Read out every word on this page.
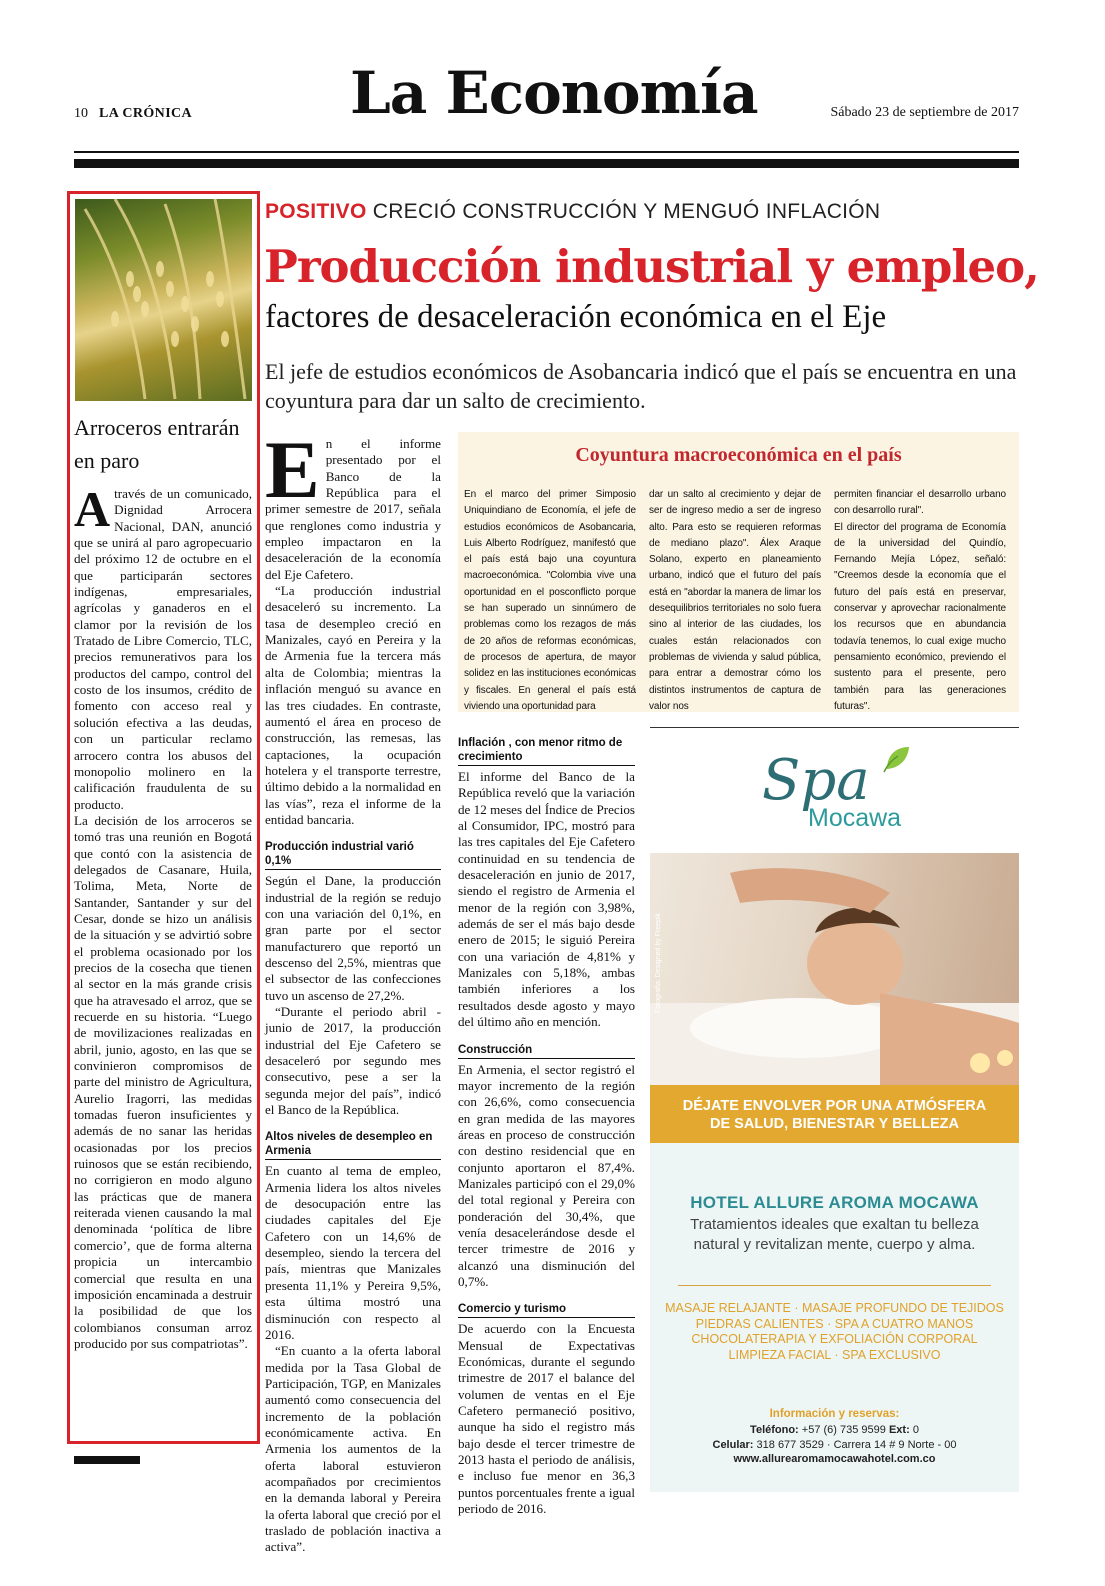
10 LA CRÓNICA	La Economía	Sábado 23 de septiembre de 2017
Arroceros entrarán en paro
A través de un comunicado, Dignidad Arrocera Nacional, DAN, anunció que se unirá al paro agropecuario del próximo 12 de octubre en el que participarán sectores indígenas, empresariales, agrícolas y ganaderos en el clamor por la revisión de los Tratado de Libre Comercio, TLC, precios remunerativos para los productos del campo, control del costo de los insumos, crédito de fomento con acceso real y solución efectiva a las deudas, con un particular reclamo arrocero contra los abusos del monopolio molinero en la calificación fraudulenta de su producto.
La decisión de los arroceros se tomó tras una reunión en Bogotá que contó con la asistencia de delegados de Casanare, Huila, Tolima, Meta, Norte de Santander, Santander y sur del Cesar, donde se hizo un análisis de la situación y se advirtió sobre el problema ocasionado por los precios de la cosecha que tienen al sector en la más grande crisis que ha atravesado el arroz, que se recuerde en su historia. “Luego de movilizaciones realizadas en abril, junio, agosto, en las que se convinieron compromisos de parte del ministro de Agricultura, Aurelio Iragorri, las medidas tomadas fueron insuficientes y además de no sanar las heridas ocasionadas por los precios ruinosos que se están recibiendo, no corrigieron en modo alguno las prácticas que de manera reiterada vienen causando la mal denominada ‘política de libre comercio’, que de forma alterna propicia un intercambio comercial que resulta en una imposición encaminada a destruir la posibilidad de que los colombianos consuman arroz producido por sus compatriotas”.
POSITIVO CRECIÓ CONSTRUCCIÓN Y MENGUÓ INFLACIÓN
Producción industrial y empleo,
factores de desaceleración económica en el Eje
El jefe de estudios económicos de Asobancaria indicó que el país se encuentra en una coyuntura para dar un salto de crecimiento.

En el informe presentado por el Banco de la República para el primer semestre de 2017, señala que renglones como industria y empleo impactaron en la desaceleración de la economía del Eje Cafetero.

“La producción industrial desaceleró su incremento. La tasa de desempleo creció en Manizales, cayó en Pereira y la de Armenia fue la tercera más alta de Colombia; mientras la inflación menguó su avance en las tres ciudades. En contraste, aumentó el área en proceso de construcción, las remesas, las captaciones, la ocupación hotelera y el transporte terrestre, último debido a la normalidad en las vías”, reza el informe de la entidad bancaria.

Producción industrial varió 0,1%

Según el Dane, la producción industrial de la región se redujo con una variación del 0,1%, en gran parte por el sector manufacturero que reportó un descenso del 2,5%, mientras que el subsector de las confecciones tuvo un ascenso de 27,2%.

“Durante el periodo abril - junio de 2017, la producción industrial del Eje Cafetero se desaceleró por segundo mes consecutivo, pese a ser la segunda mejor del país”, indicó el Banco de la República.

Altos niveles de desempleo en Armenia

En cuanto al tema de empleo, Armenia lidera los altos niveles de desocupación entre las ciudades capitales del Eje Cafetero con un 14,6% de desempleo, siendo la tercera del país, mientras que Manizales presenta 11,1% y Pereira 9,5%, esta última mostró una disminución con respecto al 2016.

“En cuanto a la oferta laboral medida por la Tasa Global de Participación, TGP, en Manizales aumentó como consecuencia del incremento de la población económicamente activa. En Armenia los aumentos de la oferta laboral estuvieron acompañados por crecimientos en la demanda laboral y Pereira la oferta laboral que creció por el traslado de población inactiva a activa”.

Coyuntura macroeconómica en el país
En el marco del primer Simposio Uniquindiano de Economía, el jefe de estudios económicos de Asobancaria, Luis Alberto Rodríguez, manifestó que el país está bajo una coyuntura macroeconómica. "Colombia vive una oportunidad en el posconflicto porque se han superado un sinnúmero de problemas como los rezagos de más de 20 años de reformas económicas, de procesos de apertura, de mayor solidez en las instituciones económicas y fiscales. En general el país está viviendo una oportunidad para
dar un salto al crecimiento y dejar de ser de ingreso medio a ser de ingreso alto. Para esto se requieren reformas de mediano plazo". Álex Araque Solano, experto en planeamiento urbano, indicó que el futuro del país está en "abordar la manera de limar los desequilibrios territoriales no solo fuera sino al interior de las ciudades, los cuales están relacionados con problemas de vivienda y salud pública, para entrar a demostrar cómo los distintos instrumentos de captura de valor nos
permiten financiar el desarrollo urbano con desarrollo rural".
El director del programa de Economía de la universidad del Quindío, Fernando Mejía López, señaló: "Creemos desde la economía que el futuro del país está en preservar, conservar y aprovechar racionalmente los recursos que en abundancia todavía tenemos, lo cual exige mucho pensamiento económico, previendo el sustento para el presente, pero también para las generaciones futuras".
Inflación , con menor ritmo de crecimiento

El informe del Banco de la República reveló que la variación de 12 meses del Índice de Precios al Consumidor, IPC, mostró para las tres capitales del Eje Cafetero continuidad en su tendencia de desaceleración en junio de 2017, siendo el registro de Armenia el menor de la región con 3,98%, además de ser el más bajo desde enero de 2015; le siguió Pereira con una variación de 4,81% y Manizales con 5,18%, ambas también inferiores a los resultados desde agosto y mayo del último año en mención.

Construcción

En Armenia, el sector registró el mayor incremento de la región con 26,6%, como consecuencia en gran medida de las mayores áreas en proceso de construcción con destino residencial que en conjunto aportaron el 87,4%. Manizales participó con el 29,0% del total regional y Pereira con ponderación del 30,4%, que venía desacelerándose desde el tercer trimestre de 2016 y alcanzó una disminución del 0,7%.

Comercio y turismo

De acuerdo con la Encuesta Mensual de Expectativas Económicas, durante el segundo trimestre de 2017 el balance del volumen de ventas en el Eje Cafetero permaneció positivo, aunque ha sido el registro más bajo desde el tercer trimestre de 2013 hasta el periodo de análisis, e incluso fue menor en 36,3 puntos porcentuales frente a igual periodo de 2016.

Spa
Mocawa
Fotografía: Designed by Freepik
DÉJATE ENVOLVER POR UNA ATMÓSFERA
DE SALUD, BIENESTAR Y BELLEZA
HOTEL ALLURE AROMA MOCAWA
Tratamientos ideales que exaltan tu belleza natural y revitalizan mente, cuerpo y alma.
MASAJE RELAJANTE · MASAJE PROFUNDO DE TEJIDOS
PIEDRAS CALIENTES · SPA A CUATRO MANOS
CHOCOLATERAPIA Y EXFOLIACIÓN CORPORAL
LIMPIEZA FACIAL · SPA EXCLUSIVO
Información y reservas:
Teléfono: +57 (6) 735 9599 Ext: 0
Celular: 318 677 3529 · Carrera 14 # 9 Norte - 00
www.allurearomamocawahotel.com.co
